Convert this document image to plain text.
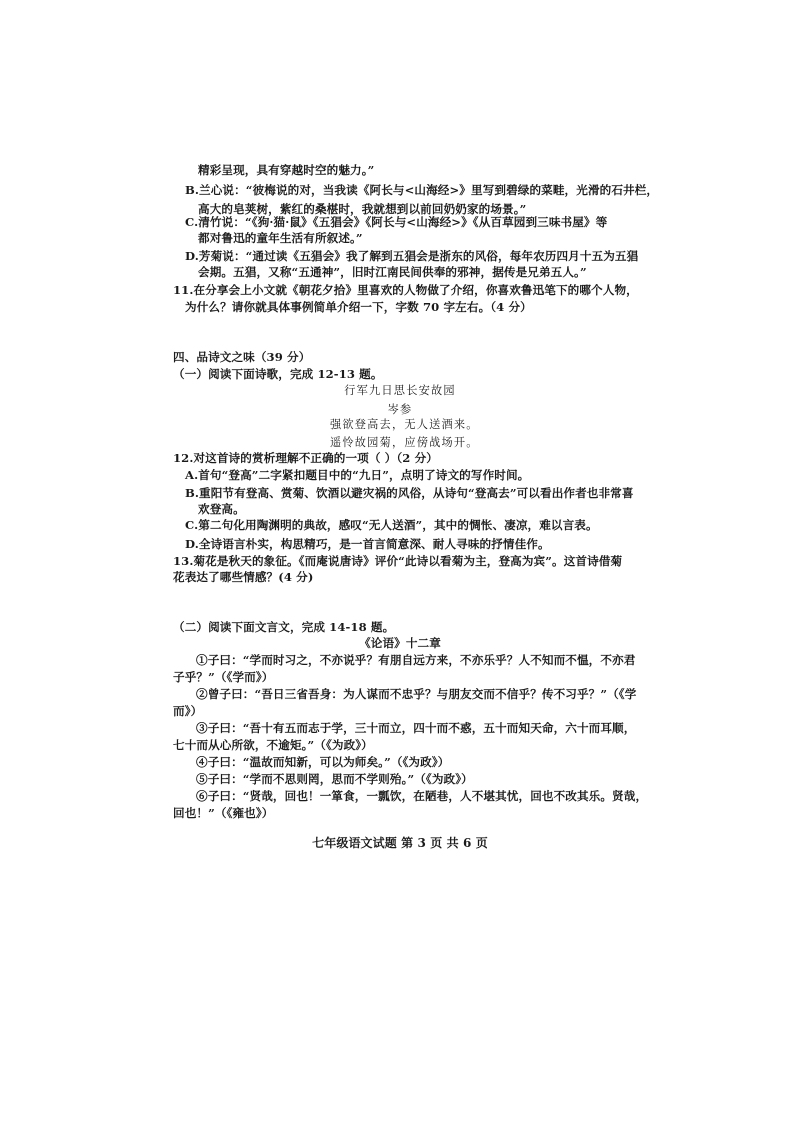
精彩呈现，具有穿越时空的魅力。”
B.兰心说：“彼梅说的对，当我读《阿长与<山海经>》里写到碧绿的菜畦，光滑的石井栏，
高大的皂荚树，紫红的桑椹时，我就想到以前回奶奶家的场景。”
C.清竹说：“《狗·猫·鼠》《五猖会》《阿长与<山海经>》《从百草园到三味书屋》等
都对鲁迅的童年生活有所叙述。”
D.芳菊说：“通过读《五猖会》我了解到五猖会是浙东的风俗，每年农历四月十五为五猖
会期。五猖，又称“五通神”，旧时江南民间供奉的邪神，据传是兄弟五人。”
11.在分享会上小文就《朝花夕拾》里喜欢的人物做了介绍，你喜欢鲁迅笔下的哪个人物，
为什么？请你就具体事例简单介绍一下，字数 70 字左右。（4 分）
四、品诗文之味（39 分）
（一）阅读下面诗歌，完成 12-13 题。
行军九日思长安故园
岑参
强欲登高去，无人送酒来。
遥怜故园菊，应傍战场开。
12.对这首诗的赏析理解不正确的一项（ ）（2 分）
A.首句“登高”二字紧扣题目中的“九日”，点明了诗文的写作时间。
B.重阳节有登高、赏菊、饮酒以避灾祸的风俗，从诗句“登高去”可以看出作者也非常喜
欢登高。
C.第二句化用陶渊明的典故，感叹“无人送酒”，其中的惆怅、凄凉，难以言表。
D.全诗语言朴实，构思精巧，是一首言简意深、耐人寻味的抒情佳作。
13.菊花是秋天的象征。《而庵说唐诗》评价“此诗以看菊为主，登高为宾”。这首诗借菊
花表达了哪些情感？(4 分)
（二）阅读下面文言文，完成 14-18 题。
《论语》十二章
①子曰：“学而时习之，不亦说乎？有朋自远方来，不亦乐乎？人不知而不愠，不亦君
子乎？”（《学而》）
②曾子曰：“吾日三省吾身：为人谋而不忠乎？与朋友交而不信乎？传不习乎？”（《学
而》）
③子曰：“吾十有五而志于学，三十而立，四十而不惑，五十而知天命，六十而耳顺，
七十而从心所欲，不逾矩。”（《为政》）
④子曰：“温故而知新，可以为师矣。”（《为政》）
⑤子曰：“学而不思则罔，思而不学则殆。”（《为政》）
⑥子曰：“贤哉，回也！一箪食，一瓢饮，在陋巷，人不堪其忧，回也不改其乐。贤哉，
回也！”（《雍也》）
七年级语文试题 第 3 页 共 6 页
